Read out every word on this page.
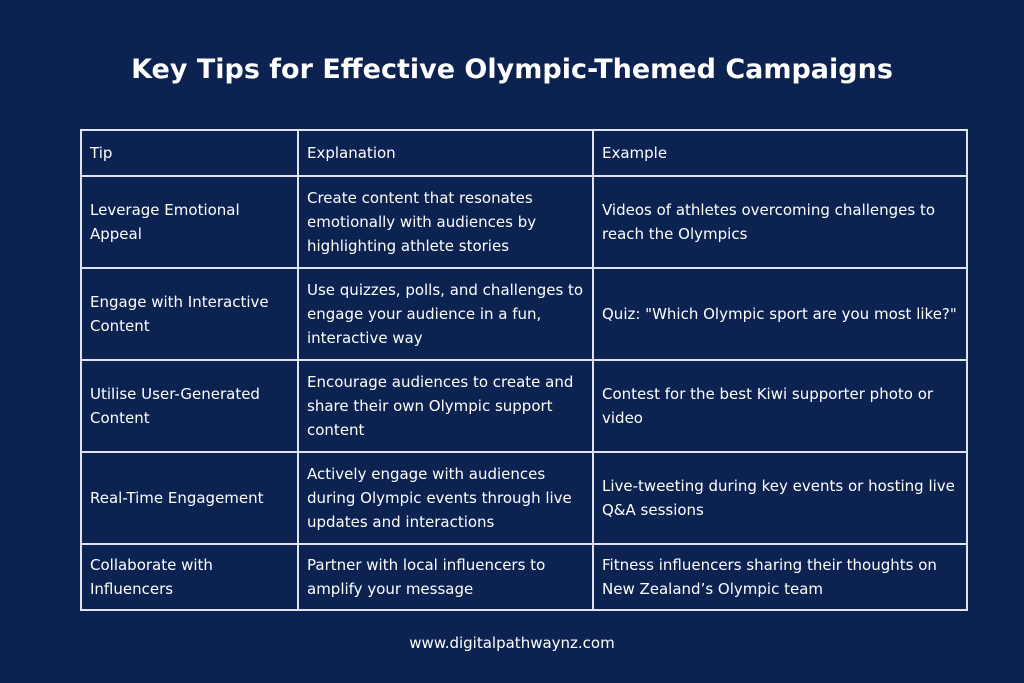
Key Tips for Effective Olympic-Themed Campaigns
Tip	Explanation	Example
Leverage Emotional Appeal	Create content that resonates emotionally with audiences by highlighting athlete stories	Videos of athletes overcoming challenges to reach the Olympics
Engage with Interactive Content	Use quizzes, polls, and challenges to engage your audience in a fun, interactive way	Quiz: "Which Olympic sport are you most like?"
Utilise User-Generated Content	Encourage audiences to create and share their own Olympic support content	Contest for the best Kiwi supporter photo or video
Real-Time Engagement	Actively engage with audiences during Olympic events through live updates and interactions	Live-tweeting during key events or hosting live Q&A sessions
Collaborate with Influencers	Partner with local influencers to amplify your message	Fitness influencers sharing their thoughts on New Zealand’s Olympic team

www.digitalpathwaynz.com
